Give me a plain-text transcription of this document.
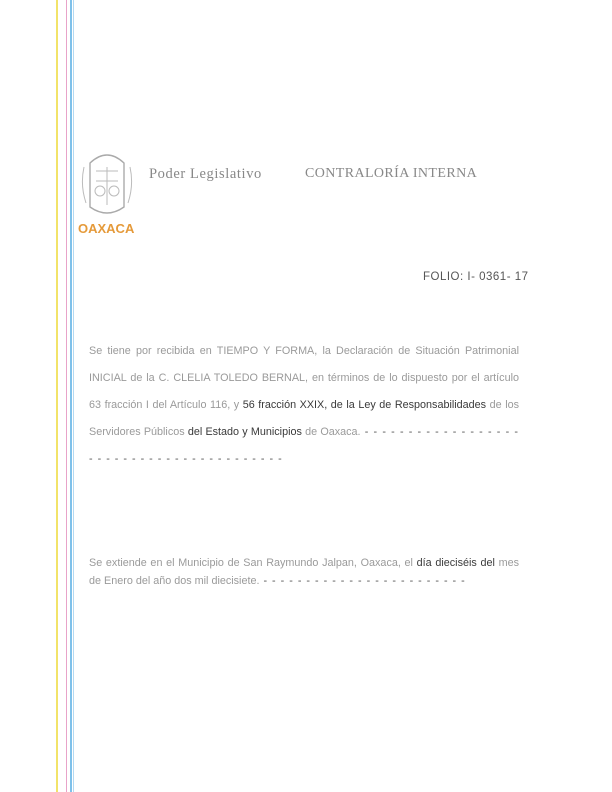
OAXACA
Poder Legislativo	CONTRALORÍA INTERNA
FOLIO: I- 0361- 17
Se tiene por recibida en TIEMPO Y FORMA, la Declaración de Situación Patrimonial INICIAL de la C. CLELIA TOLEDO BERNAL, en términos de lo dispuesto por el artículo 63 fracción I del Artículo 116, y 56 fracción XXIX, de la Ley de Responsabilidades de los Servidores Públicos del Estado y Municipios de Oaxaca. - - - - - - - - - - - - - - - - - - - - - - - - - - - - - - - - - - - - - - - - -
Se extiende en el Municipio de San Raymundo Jalpan, Oaxaca, el día dieciséis del mes de Enero del año dos mil diecisiete. - - - - - - - - - - - - - - - - - - - - - - - -
